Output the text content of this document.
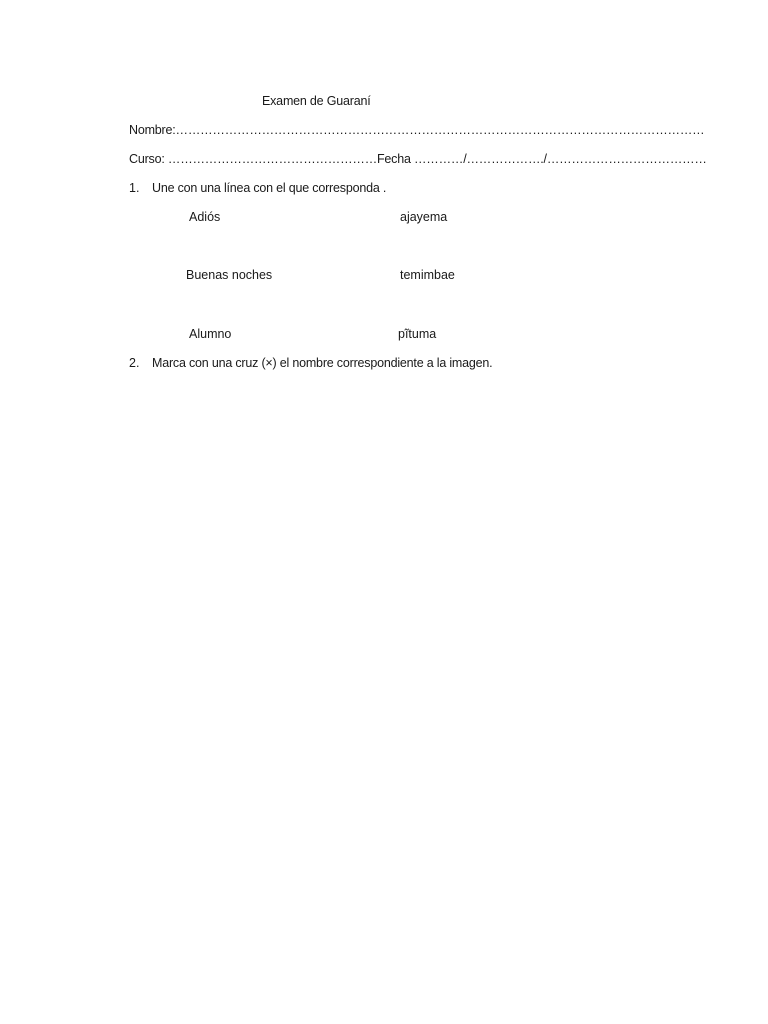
Examen de Guaraní
Nombre:…………………………………………………………………………………………………………………
Curso: ……………………………………………Fecha …………/………………./…………………………………
1. Une con una línea con el que corresponda .
Adiós	ajayema
Buenas noches	temimbae
Alumno	pĩtuma
2. Marca con una cruz (×) el nombre correspondiente a la imagen.
